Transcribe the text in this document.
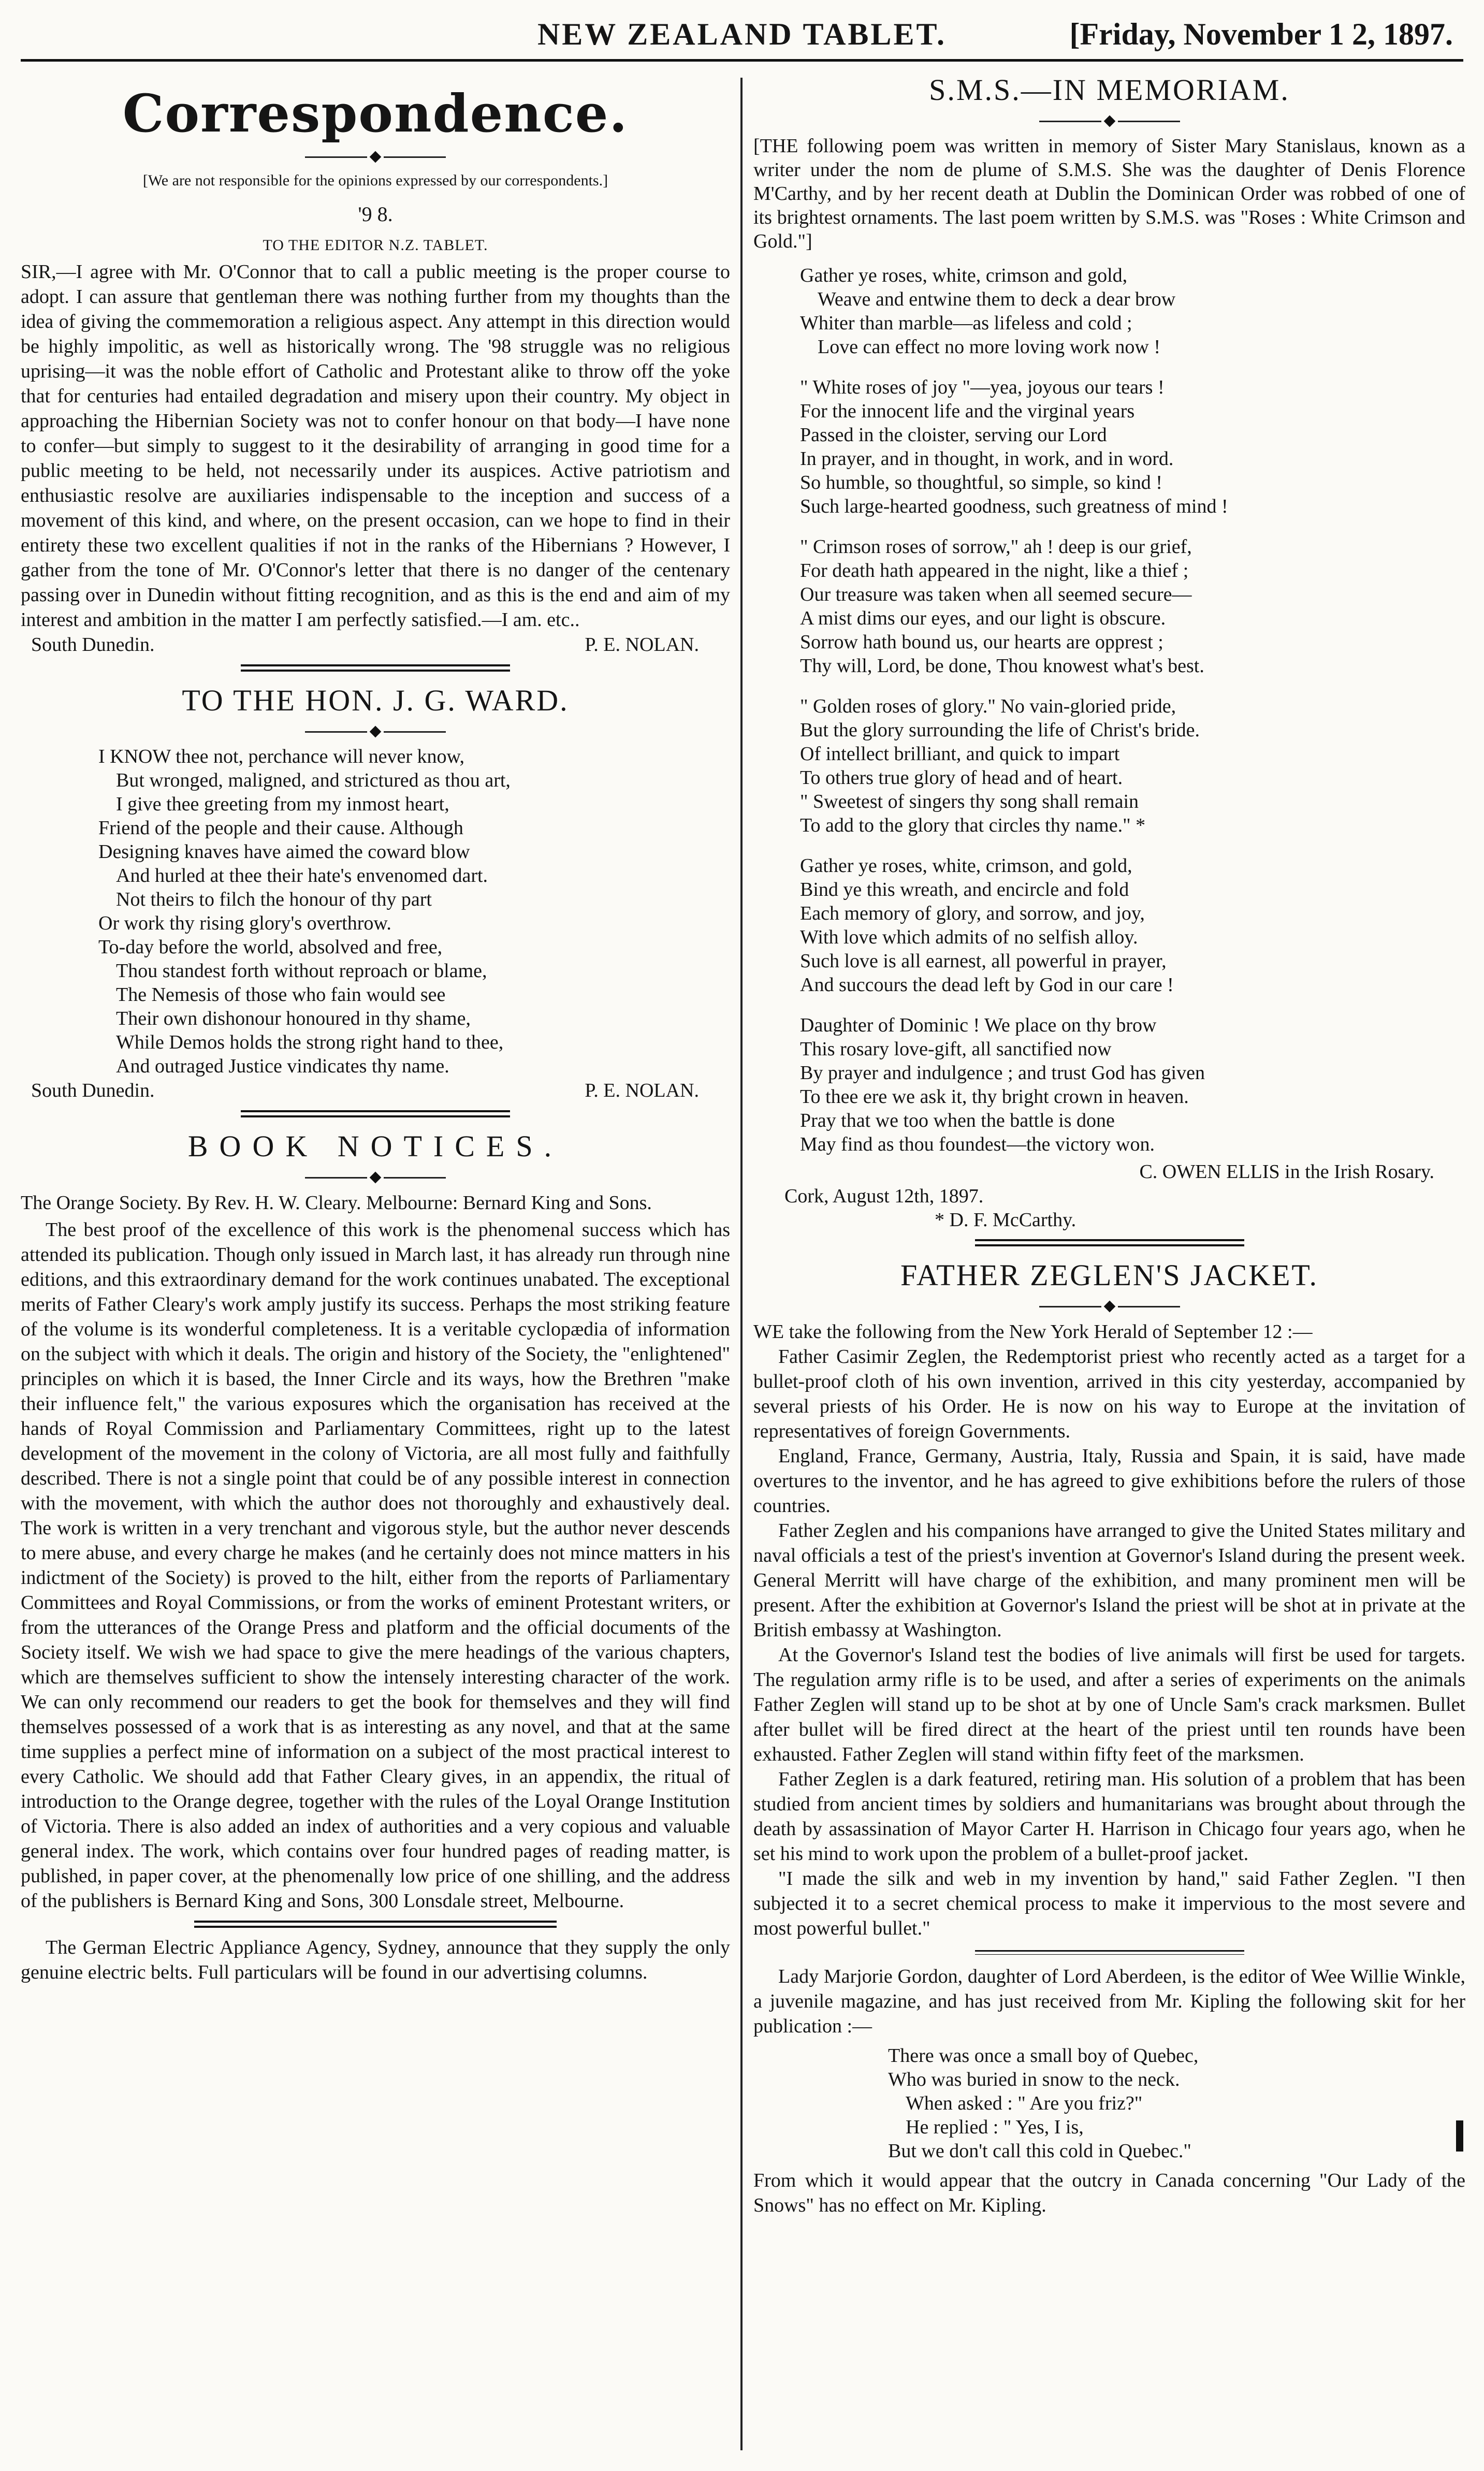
NEW ZEALAND TABLET.	[Friday, November 1 2, 1897.
Correspondence.
[We are not responsible for the opinions expressed by our correspondents.]
'9 8.
TO THE EDITOR N.Z. TABLET.

SIR,—I agree with Mr. O'Connor that to call a public meeting is the proper course to adopt. I can assure that gentleman there was nothing further from my thoughts than the idea of giving the commemoration a religious aspect. Any attempt in this direction would be highly impolitic, as well as historically wrong. The '98 struggle was no religious uprising—it was the noble effort of Catholic and Protestant alike to throw off the yoke that for centuries had entailed degradation and misery upon their country. My object in approaching the Hibernian Society was not to confer honour on that body—I have none to confer—but simply to suggest to it the desirability of arranging in good time for a public meeting to be held, not necessarily under its auspices. Active patriotism and enthusiastic resolve are auxiliaries indispensable to the inception and success of a movement of this kind, and where, on the present occasion, can we hope to find in their entirety these two excellent qualities if not in the ranks of the Hibernians ? However, I gather from the tone of Mr. O'Connor's letter that there is no danger of the centenary passing over in Dunedin without fitting recognition, and as this is the end and aim of my interest and ambition in the matter I am perfectly satisfied.—I am. etc..

South Dunedin.	P. E. NOLAN.
TO THE HON. J. G. WARD.
I KNOW thee not, perchance will never know,
But wronged, maligned, and strictured as thou art,
I give thee greeting from my inmost heart,
Friend of the people and their cause. Although
Designing knaves have aimed the coward blow
And hurled at thee their hate's envenomed dart.
Not theirs to filch the honour of thy part
Or work thy rising glory's overthrow.
To-day before the world, absolved and free,
Thou standest forth without reproach or blame,
The Nemesis of those who fain would see
Their own dishonour honoured in thy shame,
While Demos holds the strong right hand to thee,
And outraged Justice vindicates thy name.
South Dunedin.	P. E. NOLAN.
BOOK NOTICES.
The Orange Society. By Rev. H. W. Cleary. Melbourne: Bernard King and Sons.

The best proof of the excellence of this work is the phenomenal success which has attended its publication. Though only issued in March last, it has already run through nine editions, and this extraordinary demand for the work continues unabated. The exceptional merits of Father Cleary's work amply justify its success. Perhaps the most striking feature of the volume is its wonderful completeness. It is a veritable cyclopædia of information on the subject with which it deals. The origin and history of the Society, the "enlightened" principles on which it is based, the Inner Circle and its ways, how the Brethren "make their influence felt," the various exposures which the organisation has received at the hands of Royal Commission and Parliamentary Committees, right up to the latest development of the movement in the colony of Victoria, are all most fully and faithfully described. There is not a single point that could be of any possible interest in connection with the movement, with which the author does not thoroughly and exhaustively deal. The work is written in a very trenchant and vigorous style, but the author never descends to mere abuse, and every charge he makes (and he certainly does not mince matters in his indictment of the Society) is proved to the hilt, either from the reports of Parliamentary Committees and Royal Commissions, or from the works of eminent Protestant writers, or from the utterances of the Orange Press and platform and the official documents of the Society itself. We wish we had space to give the mere headings of the various chapters, which are themselves sufficient to show the intensely interesting character of the work. We can only recommend our readers to get the book for themselves and they will find themselves possessed of a work that is as interesting as any novel, and that at the same time supplies a perfect mine of information on a subject of the most practical interest to every Catholic. We should add that Father Cleary gives, in an appendix, the ritual of introduction to the Orange degree, together with the rules of the Loyal Orange Institution of Victoria. There is also added an index of authorities and a very copious and valuable general index. The work, which contains over four hundred pages of reading matter, is published, in paper cover, at the phenomenally low price of one shilling, and the address of the publishers is Bernard King and Sons, 300 Lonsdale street, Melbourne.

The German Electric Appliance Agency, Sydney, announce that they supply the only genuine electric belts. Full particulars will be found in our advertising columns.

S.M.S.—IN MEMORIAM.
[THE following poem was written in memory of Sister Mary Stanislaus, known as a writer under the nom de plume of S.M.S. She was the daughter of Denis Florence M'Carthy, and by her recent death at Dublin the Dominican Order was robbed of one of its brightest ornaments. The last poem written by S.M.S. was "Roses : White Crimson and Gold."]
Gather ye roses, white, crimson and gold,
Weave and entwine them to deck a dear brow
Whiter than marble—as lifeless and cold ;
Love can effect no more loving work now !
" White roses of joy "—yea, joyous our tears !
For the innocent life and the virginal years
Passed in the cloister, serving our Lord
In prayer, and in thought, in work, and in word.
So humble, so thoughtful, so simple, so kind !
Such large-hearted goodness, such greatness of mind !
" Crimson roses of sorrow," ah ! deep is our grief,
For death hath appeared in the night, like a thief ;
Our treasure was taken when all seemed secure—
A mist dims our eyes, and our light is obscure.
Sorrow hath bound us, our hearts are opprest ;
Thy will, Lord, be done, Thou knowest what's best.
" Golden roses of glory." No vain-gloried pride,
But the glory surrounding the life of Christ's bride.
Of intellect brilliant, and quick to impart
To others true glory of head and of heart.
" Sweetest of singers thy song shall remain
To add to the glory that circles thy name." *
Gather ye roses, white, crimson, and gold,
Bind ye this wreath, and encircle and fold
Each memory of glory, and sorrow, and joy,
With love which admits of no selfish alloy.
Such love is all earnest, all powerful in prayer,
And succours the dead left by God in our care !
Daughter of Dominic ! We place on thy brow
This rosary love-gift, all sanctified now
By prayer and indulgence ; and trust God has given
To thee ere we ask it, thy bright crown in heaven.
Pray that we too when the battle is done
May find as thou foundest—the victory won.
C. OWEN ELLIS in the Irish Rosary.
Cork, August 12th, 1897.
* D. F. McCarthy.
FATHER ZEGLEN'S JACKET.

WE take the following from the New York Herald of September 12 :—

Father Casimir Zeglen, the Redemptorist priest who recently acted as a target for a bullet-proof cloth of his own invention, arrived in this city yesterday, accompanied by several priests of his Order. He is now on his way to Europe at the invitation of representatives of foreign Governments.

England, France, Germany, Austria, Italy, Russia and Spain, it is said, have made overtures to the inventor, and he has agreed to give exhibitions before the rulers of those countries.

Father Zeglen and his companions have arranged to give the United States military and naval officials a test of the priest's invention at Governor's Island during the present week. General Merritt will have charge of the exhibition, and many prominent men will be present. After the exhibition at Governor's Island the priest will be shot at in private at the British embassy at Washington.

At the Governor's Island test the bodies of live animals will first be used for targets. The regulation army rifle is to be used, and after a series of experiments on the animals Father Zeglen will stand up to be shot at by one of Uncle Sam's crack marksmen. Bullet after bullet will be fired direct at the heart of the priest until ten rounds have been exhausted. Father Zeglen will stand within fifty feet of the marksmen.

Father Zeglen is a dark featured, retiring man. His solution of a problem that has been studied from ancient times by soldiers and humanitarians was brought about through the death by assassination of Mayor Carter H. Harrison in Chicago four years ago, when he set his mind to work upon the problem of a bullet-proof jacket.

"I made the silk and web in my invention by hand," said Father Zeglen. "I then subjected it to a secret chemical process to make it impervious to the most severe and most powerful bullet."

Lady Marjorie Gordon, daughter of Lord Aberdeen, is the editor of Wee Willie Winkle, a juvenile magazine, and has just received from Mr. Kipling the following skit for her publication :—

There was once a small boy of Quebec,
Who was buried in snow to the neck.
When asked : " Are you friz?"
He replied : " Yes, I is,
But we don't call this cold in Quebec."

From which it would appear that the outcry in Canada concerning "Our Lady of the Snows" has no effect on Mr. Kipling.
